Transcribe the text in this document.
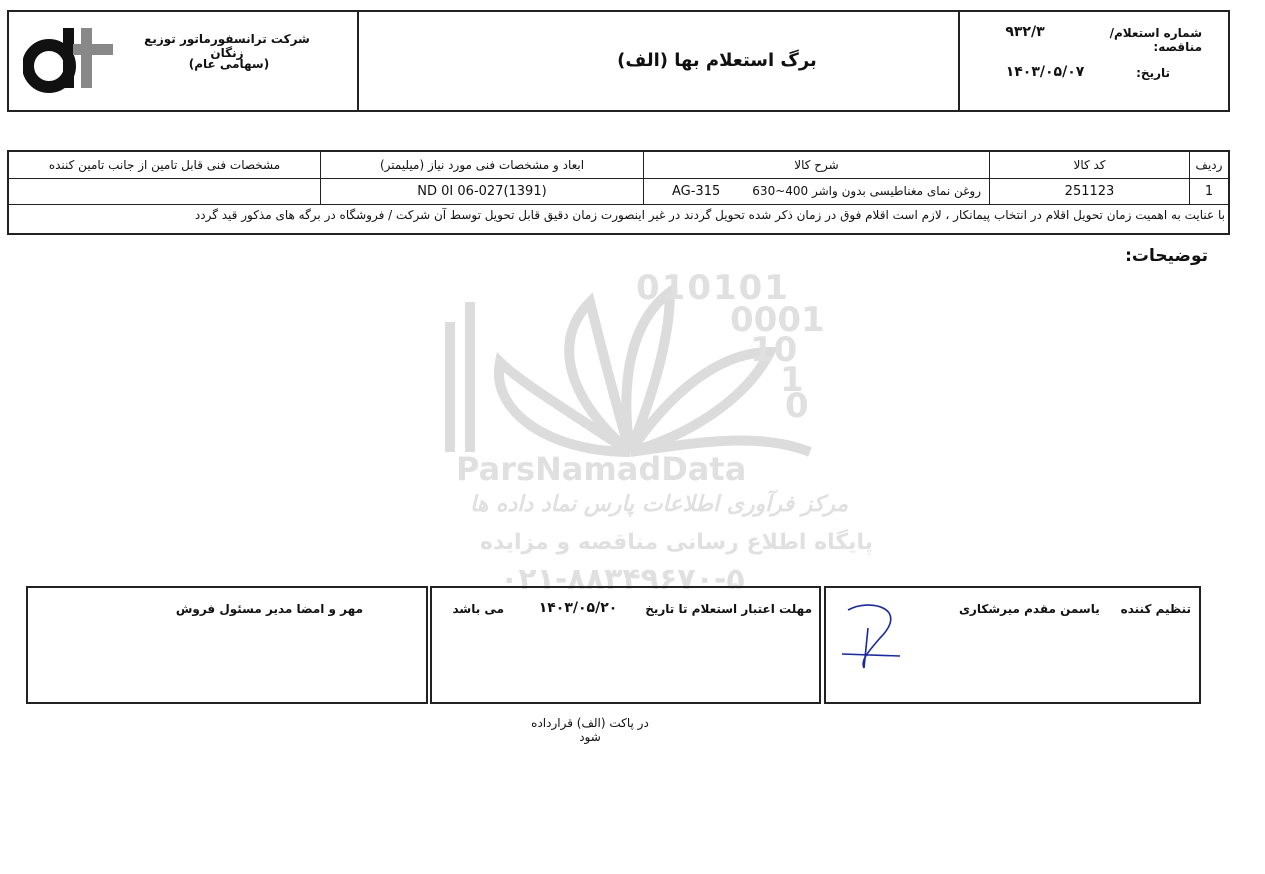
شرکت ترانسفورماتور توزیع زنگان
(سهامی عام)	برگ استعلام بها (الف)
شماره استعلام/مناقصه:
۹۳۲/۳
تاریخ:
۱۴۰۳/۰۵/۰۷
ردیف
کد کالا
شرح کالا
ابعاد و مشخصات فنی مورد نیاز (میلیمتر)
مشخصات فنی قابل تامین از جانب تامین کننده
1
251123
AG-315	روغن نمای مغناطیسی بدون واشر 400~630
ND 0I 06-027(1391)
با عنایت به اهمیت زمان تحویل اقلام در انتخاب پیمانکار ، لازم است اقلام فوق در زمان ذکر شده تحویل گردند در غیر اینصورت زمان دقیق قابل تحویل توسط آن شرکت / فروشگاه در برگه های مذکور قید گردد
توضیحات:
010101
0001
10
1
0
ParsNamadData
مرکز فرآوری اطلاعات پارس نماد داده ها
پایگاه اطلاع رسانی مناقصه و مزایده
۰۲۱-۸۸۳۴۹۶۷۰-۵
تنظیم کننده     یاسمن مقدم میرشکاری
مهلت اعتبار استعلام تا تاریخ
۱۴۰۳/۰۵/۲۰
می باشد
مهر و امضا مدیر مسئول فروش
در پاکت (الف) قرارداده شود
